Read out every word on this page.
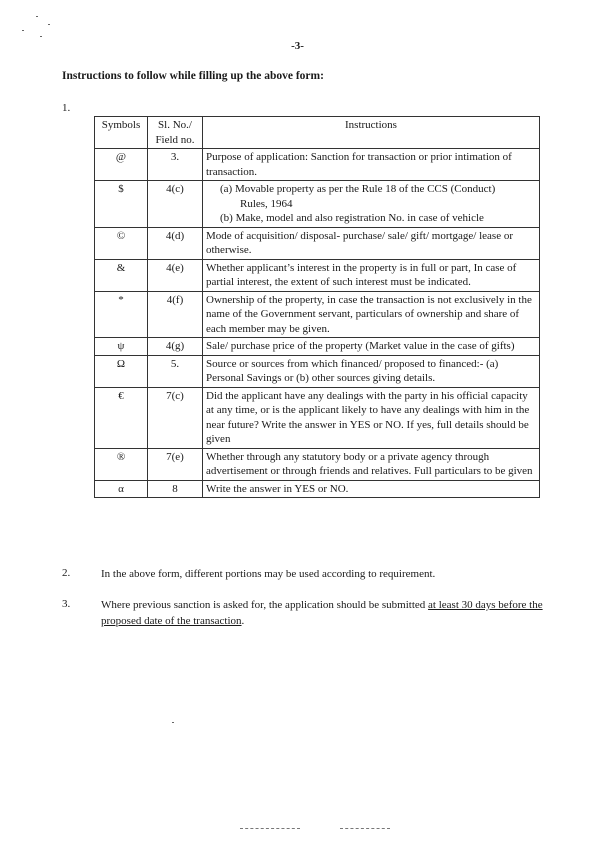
-3-
Instructions to follow while filling up the above form:
1.
Symbols	Sl. No./ Field no.	Instructions
@	3.	Purpose of application: Sanction for transaction or prior intimation of transaction.
$	4(c)	(a) Movable property as per the Rule 18 of the CCS (Conduct)
Rules, 1964
(b) Make, model and also registration No. in case of vehicle

©	4(d)	Mode of acquisition/ disposal- purchase/ sale/ gift/ mortgage/ lease or otherwise.
&	4(e)	Whether applicant’s interest in the property is in full or part, In case of partial interest, the extent of such interest must be indicated.
*	4(f)	Ownership of the property, in case the transaction is not exclusively in the name of the Government servant, particulars of ownership and share of each member may be given.
ψ	4(g)	Sale/ purchase price of the property (Market value in the case of gifts)
Ω	5.	Source or sources from which financed/ proposed to financed:- (a) Personal Savings or (b) other sources giving details.
€	7(c)	Did the applicant have any dealings with the party in his official capacity at any time, or is the applicant likely to have any dealings with him in the near future? Write the answer in YES or NO. If yes, full details should be given
®	7(e)	Whether through any statutory body or a private agency through advertisement or through friends and relatives. Full particulars to be given
α	8	Write the answer in YES or NO.
2.	In the above form, different portions may be used according to requirement.
3.	Where previous sanction is asked for, the application should be submitted at least 30 days before the proposed date of the transaction.
